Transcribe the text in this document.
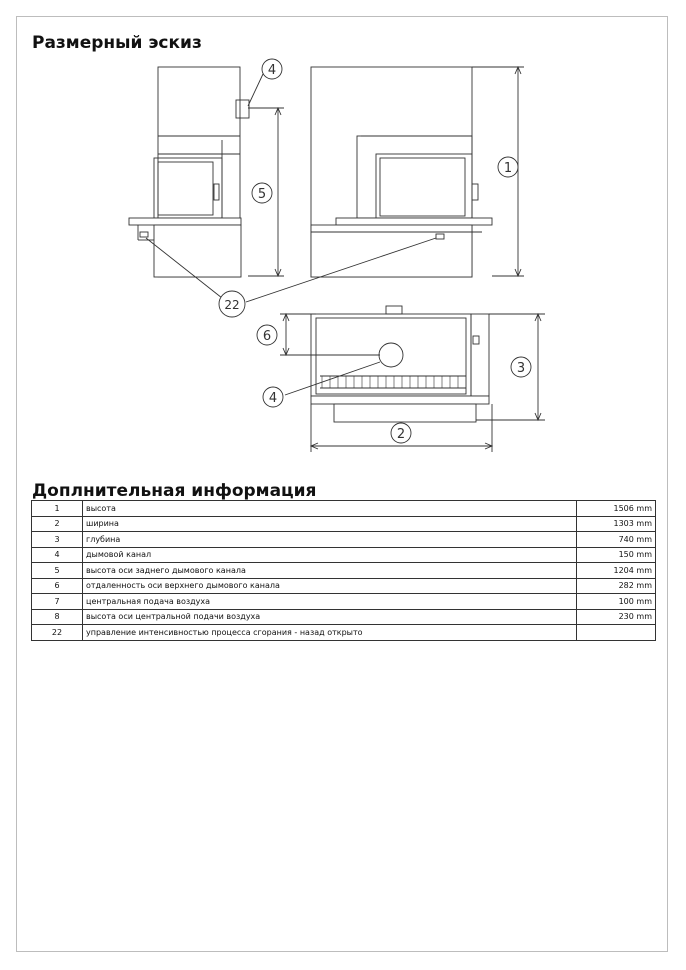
Размерный эскиз
4
5
1
22
6
3
4
2
Доплнительная информация
1	высота	1506 mm
2	ширина	1303 mm
3	глубина	740 mm
4	дымовой канал	150 mm
5	высота оси заднего дымового канала	1204 mm
6	отдаленность оси верхнего дымового канала	282 mm
7	центральная подача воздуха	100 mm
8	высота оси центральной подачи воздуха	230 mm
22	управление интенсивностью процесса сгорания - назад открыто	
